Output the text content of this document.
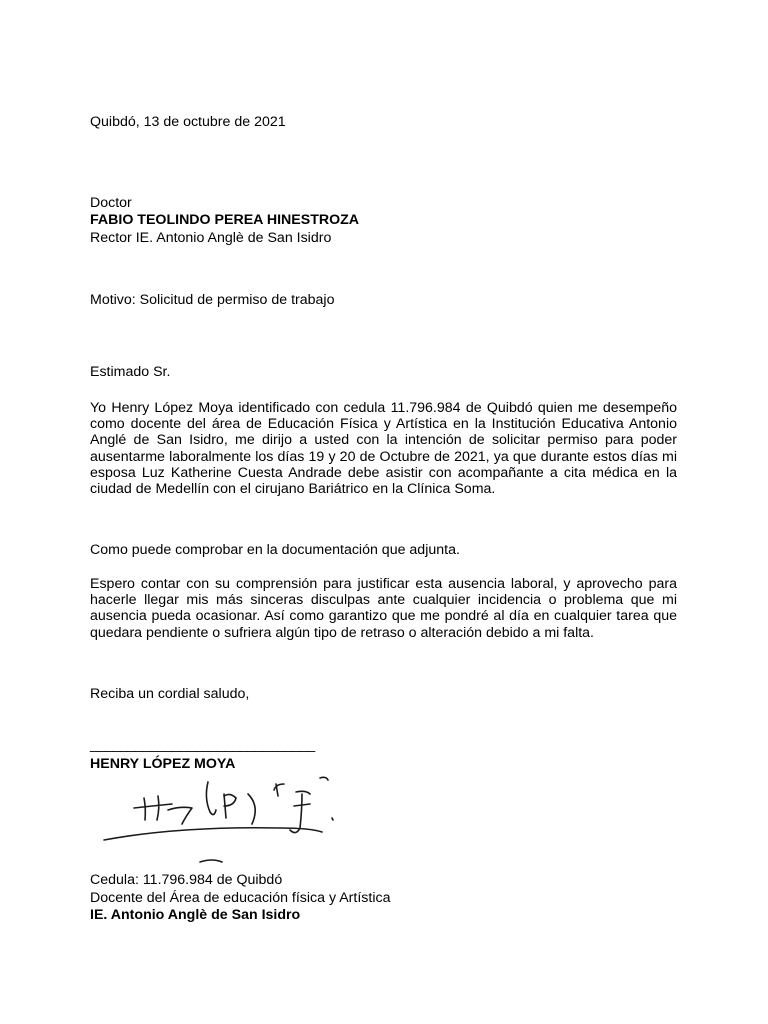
Quibdó, 13 de octubre de 2021
Doctor
FABIO TEOLINDO PEREA HINESTROZA
Rector IE. Antonio Anglè de San Isidro
Motivo: Solicitud de permiso de trabajo
Estimado Sr.
Yo Henry López Moya identificado con cedula 11.796.984 de Quibdó quien me desempeño como docente del área de Educación Física y Artística en la Institución Educativa Antonio Anglé de San Isidro, me dirijo a usted con la intención de solicitar permiso para poder ausentarme laboralmente los días 19 y 20 de Octubre de 2021, ya que durante estos días mi esposa Luz Katherine Cuesta Andrade debe asistir con acompañante a cita médica en la ciudad de Medellín con el cirujano Bariátrico en la Clínica Soma.
Como puede comprobar en la documentación que adjunta.
Espero contar con su comprensión para justificar esta ausencia laboral, y aprovecho para hacerle llegar mis más sinceras disculpas ante cualquier incidencia o problema que mi ausencia pueda ocasionar. Así como garantizo que me pondré al día en cualquier tarea que quedara pendiente o sufriera algún tipo de retraso o alteración debido a mi falta.
Reciba un cordial saludo,
______________________________
HENRY LÓPEZ MOYA
Cedula: 11.796.984 de Quibdó
Docente del Área de educación física y Artística
IE. Antonio Anglè de San Isidro
